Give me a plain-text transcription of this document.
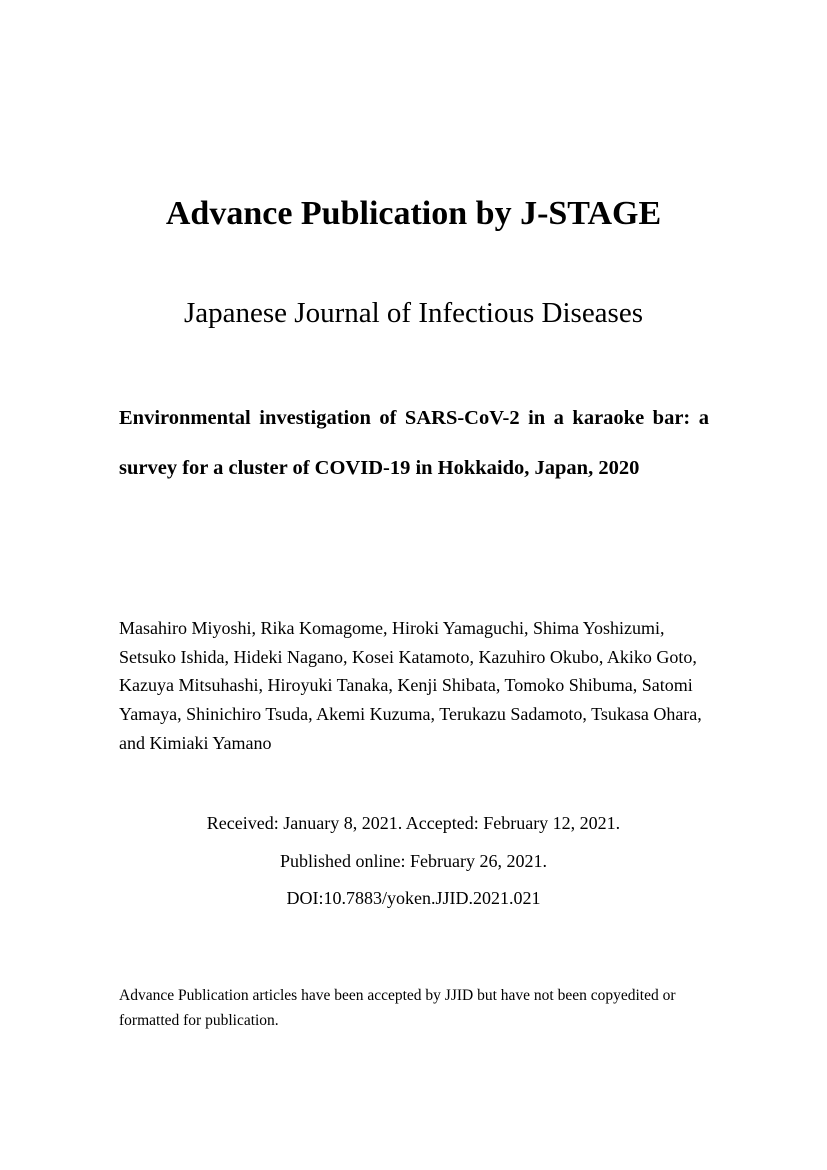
Advance Publication by J-STAGE
Japanese Journal of Infectious Diseases
Environmental investigation of SARS-CoV-2 in a karaoke bar: a survey for a cluster of COVID-19 in Hokkaido, Japan, 2020
Masahiro Miyoshi, Rika Komagome, Hiroki Yamaguchi, Shima Yoshizumi, Setsuko Ishida, Hideki Nagano, Kosei Katamoto, Kazuhiro Okubo, Akiko Goto, Kazuya Mitsuhashi, Hiroyuki Tanaka, Kenji Shibata, Tomoko Shibuma, Satomi Yamaya, Shinichiro Tsuda, Akemi Kuzuma, Terukazu Sadamoto, Tsukasa Ohara, and Kimiaki Yamano
Received: January 8, 2021. Accepted: February 12, 2021.
Published online: February 26, 2021.
DOI:10.7883/yoken.JJID.2021.021
Advance Publication articles have been accepted by JJID but have not been copyedited or formatted for publication.
